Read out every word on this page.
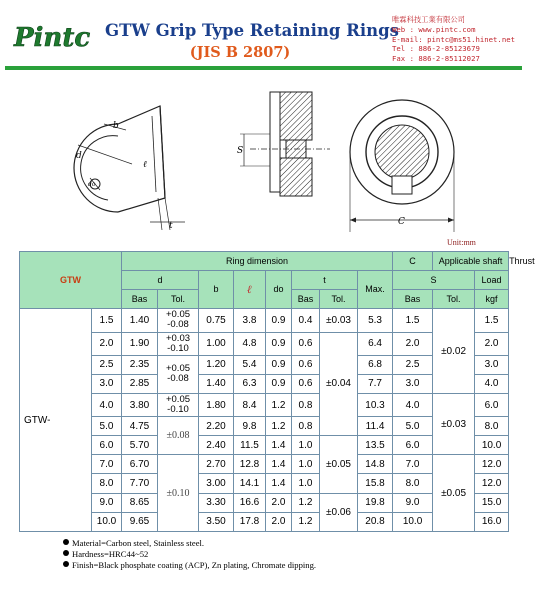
Pintc GTW Grip Type Retaining Rings
(JIS B 2807)
唯霖科技工業有限公司
Web : www.pintc.com
E-mail: pintc@ms51.hinet.net
Tel : 886-2-85123679
Fax : 886-2-85112027
d
b
ℓ
do
t
S
C
Unit:mm
GTW		Ring dimension								C	Applicable shaft		Thrust
		d		b	ℓ	do	t		Max.	S		Load	
		Bas	Tol.				Bas	Tol.		Bas	Tol.	kgf	
GTW-	1.5	1.40	+0.05
-0.08	0.75	3.8	0.9	0.4	±0.03	5.3	1.5	±0.02	1.5	
	2.0	1.90	+0.03
-0.10	1.00	4.8	0.9	0.6	±0.04	6.4	2.0		2.0	
	2.5	2.35	+0.05
-0.08	1.20	5.4	0.9	0.6		6.8	2.5		3.0	
	3.0	2.85		1.40	6.3	0.9	0.6		7.7	3.0		4.0	
	4.0	3.80	+0.05
-0.10	1.80	8.4	1.2	0.8		10.3	4.0	±0.03	6.0	
	5.0	4.75	±0.08	2.20	9.8	1.2	0.8		11.4	5.0		8.0	
	6.0	5.70		2.40	11.5	1.4	1.0	±0.05	13.5	6.0		10.0	
	7.0	6.70	±0.10	2.70	12.8	1.4	1.0		14.8	7.0	±0.05	12.0	
	8.0	7.70		3.00	14.1	1.4	1.0		15.8	8.0		12.0	
	9.0	8.65		3.30	16.6	2.0	1.2	±0.06	19.8	9.0		15.0	
	10.0	9.65		3.50	17.8	2.0	1.2		20.8	10.0		16.0	
Material=Carbon steel, Stainless steel.
Hardness=HRC44~52
Finish=Black phosphate coating (ACP), Zn plating, Chromate dipping.
